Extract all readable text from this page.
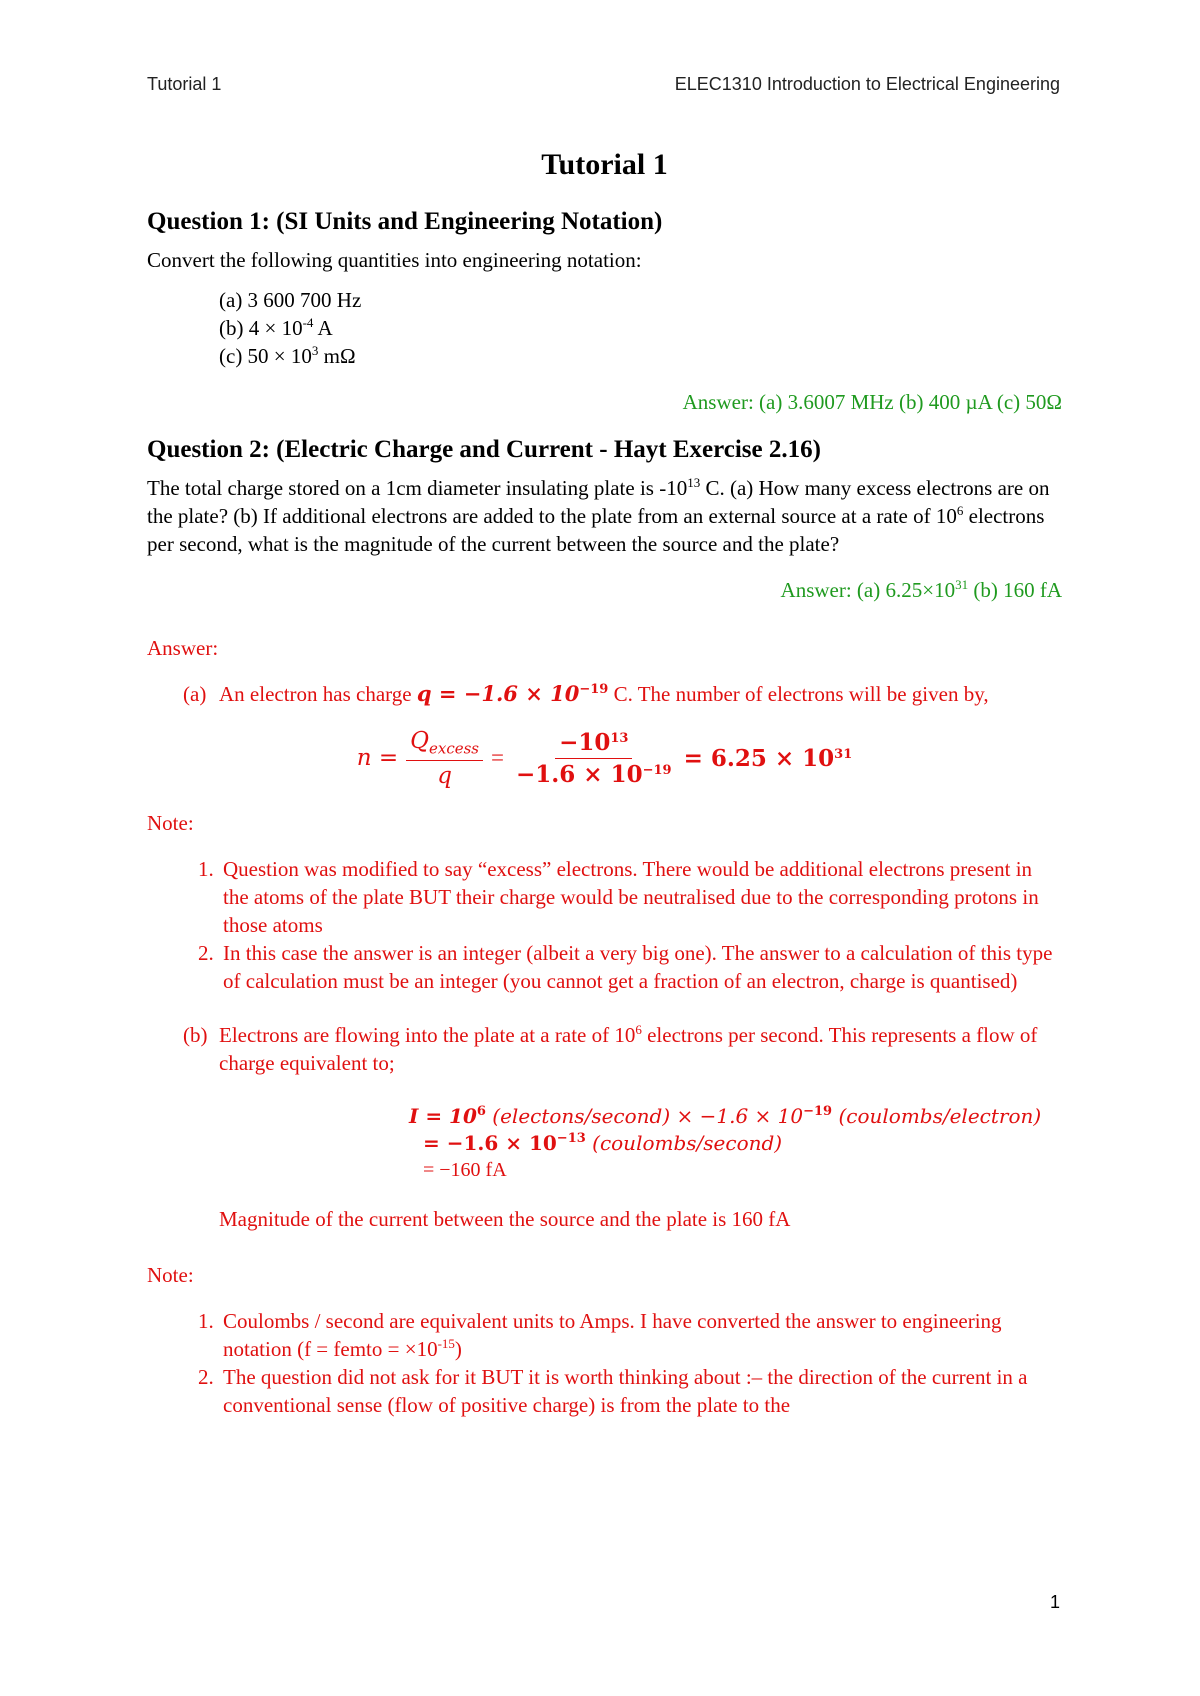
Tutorial 1	ELEC1310 Introduction to Electrical Engineering
Tutorial 1
Question 1: (SI Units and Engineering Notation)

Convert the following quantities into engineering notation:

(a) 3 600 700 Hz
(b) $4 \times 10^{-4}$ A
(c) $50 \times 10^3$ mΩ

Answer: (a) 3.6007 MHz (b) 400 µA (c) 50Ω

Question 2: (Electric Charge and Current - Hayt Exercise 2.16)

The total charge stored on a 1cm diameter insulating plate is $-10^{13}$ C. (a) How many excess electrons are on the plate? (b) If additional electrons are added to the plate from an external source at a rate of $10^6$ electrons per second, what is the magnitude of the current between the source and the plate?

Answer: (a) $6.25\times 10^{31}$ (b) 160 fA

Answer:

(a) An electron has charge $q = -1.6 \times 10^{-19}$ C. The number of electrons will be given by,
$n = \frac{Q_{excess}}{q} = \frac{-10^{13}}{-1.6 \times 10^{-19}} = 6.25 \times 10^{31}$

Note:

1. Question was modified to say “excess” electrons. There would be additional electrons present in the atoms of the plate BUT their charge would be neutralised due to the corresponding protons in those atoms
2. In this case the answer is an integer (albeit a very big one). The answer to a calculation of this type of calculation must be an integer (you cannot get a fraction of an electron, charge is quantised)
(b) Electrons are flowing into the plate at a rate of $10^6$ electrons per second. This represents a flow of charge equivalent to;
$I = 10^6$ (electons/second) × $-1.6 \times 10^{-19}$ (coulombs/electron)
= $-1.6 \times 10^{-13}$ (coulombs/second)
= −160 fA

Magnitude of the current between the source and the plate is 160 fA

Note:

1. Coulombs / second are equivalent units to Amps. I have converted the answer to engineering notation (f = femto = $\times 10^{-15}$)
2. The question did not ask for it BUT it is worth thinking about :– the direction of the current in a conventional sense (flow of positive charge) is from the plate to the
1
